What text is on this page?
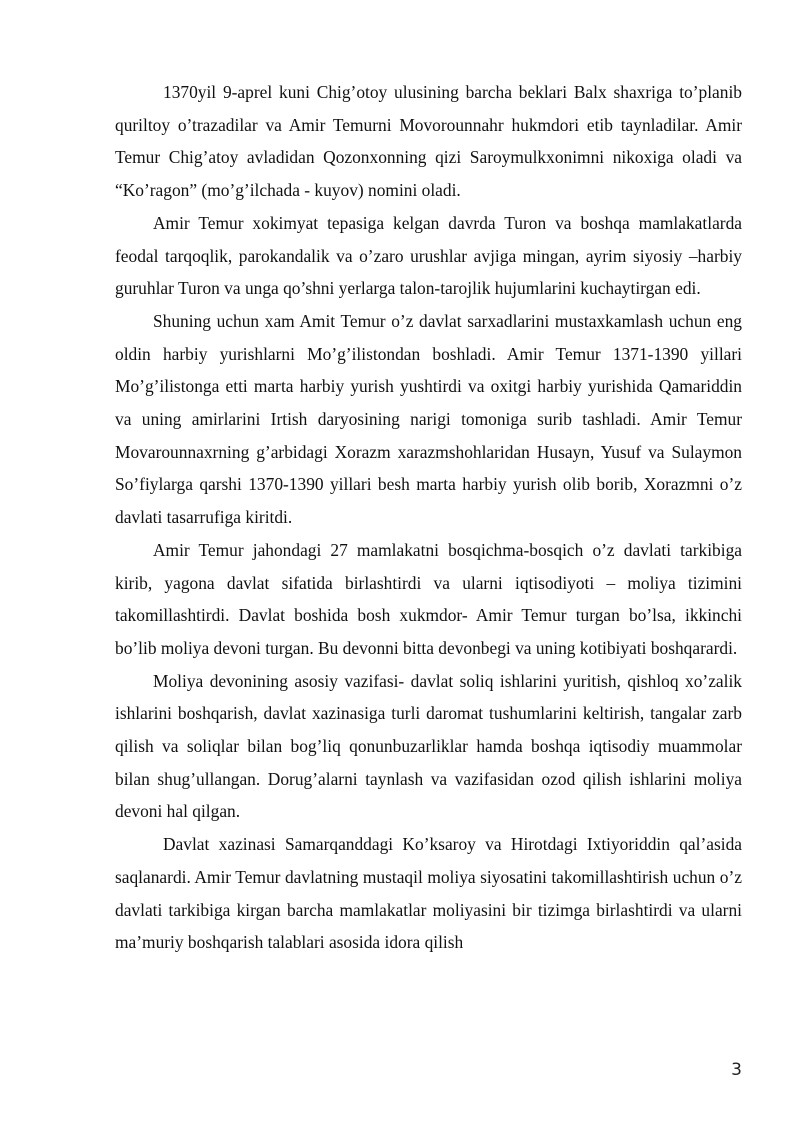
1370yil 9-aprel kuni Chig’otoy ulusining barcha beklari Balx shaxriga to’planib quriltoy o’trazadilar va Amir Temurni Movorounnahr hukmdori etib taynladilar. Amir Temur Chig’atoy avladidan Qozonxonning qizi Saroymulkxonimni nikoxiga oladi va “Ko’ragon” (mo’g’ilchada - kuyov) nomini oladi.

Amir Temur xokimyat tepasiga kelgan davrda Turon va boshqa mamlakatlarda feodal tarqoqlik, parokandalik va o’zaro urushlar avjiga mingan, ayrim siyosiy –harbiy guruhlar Turon va unga qo’shni yerlarga talon-tarojlik hujumlarini kuchaytirgan edi.

Shuning uchun xam Amit Temur o’z davlat sarxadlarini mustaxkamlash uchun eng oldin harbiy yurishlarni Mo’g’ilistondan boshladi. Amir Temur 1371-1390 yillari Mo’g’ilistonga etti marta harbiy yurish yushtirdi va oxitgi harbiy yurishida Qamariddin va uning amirlarini Irtish daryosining narigi tomoniga surib tashladi. Amir Temur Movarounnaxrning g’arbidagi Xorazm xarazmshohlaridan Husayn, Yusuf va Sulaymon So’fiylarga qarshi 1370-1390 yillari besh marta harbiy yurish olib borib, Xorazmni o’z davlati tasarrufiga kiritdi.

Amir Temur jahondagi 27 mamlakatni bosqichma-bosqich o’z davlati tarkibiga kirib, yagona davlat sifatida birlashtirdi va ularni iqtisodiyoti – moliya tizimini takomillashtirdi. Davlat boshida bosh xukmdor- Amir Temur turgan bo’lsa, ikkinchi bo’lib moliya devoni turgan. Bu devonni bitta devonbegi va uning kotibiyati boshqarardi.

Moliya devonining asosiy vazifasi- davlat soliq ishlarini yuritish, qishloq xo’zalik ishlarini boshqarish, davlat xazinasiga turli daromat tushumlarini keltirish, tangalar zarb qilish va soliqlar bilan bog’liq qonunbuzarliklar hamda boshqa iqtisodiy muammolar bilan shug’ullangan. Dorug’alarni taynlash va vazifasidan ozod qilish ishlarini moliya devoni hal qilgan.

Davlat xazinasi Samarqanddagi Ko’ksaroy va Hirotdagi Ixtiyoriddin qal’asida saqlanardi. Amir Temur davlatning mustaqil moliya siyosatini takomillashtirish uchun o’z davlati tarkibiga kirgan barcha mamlakatlar moliyasini bir tizimga birlashtirdi va ularni ma’muriy boshqarish talablari asosida idora qilish

3
